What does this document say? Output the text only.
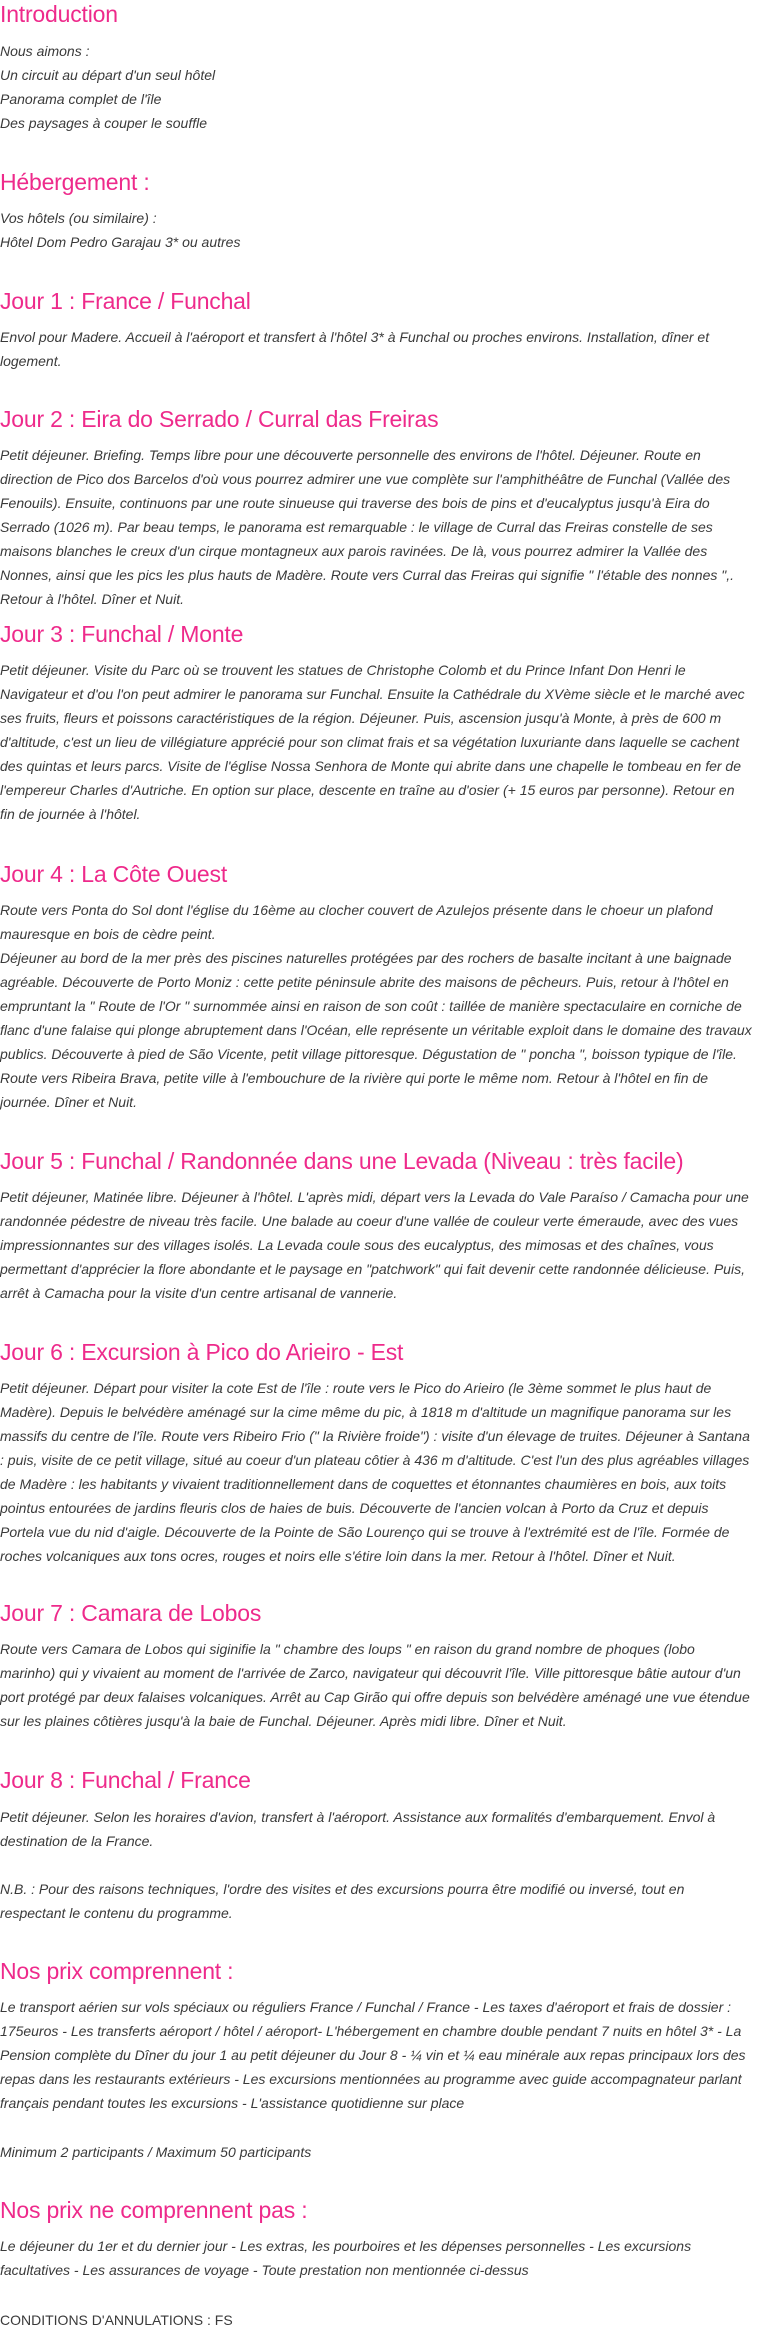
Introduction

Nous aimons :
Un circuit au départ d'un seul hôtel
Panorama complet de l'île
Des paysages à couper le souffle

Hébergement :

Vos hôtels (ou similaire) :
Hôtel Dom Pedro Garajau 3* ou autres

Jour 1 : France / Funchal

Envol pour Madere. Accueil à l'aéroport et transfert à l'hôtel 3* à Funchal ou proches environs. Installation, dîner et logement.

Jour 2 : Eira do Serrado / Curral das Freiras

Petit déjeuner. Briefing. Temps libre pour une découverte personnelle des environs de l'hôtel. Déjeuner. Route en direction de Pico dos Barcelos d'où vous pourrez admirer une vue complète sur l'amphithéâtre de Funchal (Vallée des Fenouils). Ensuite, continuons par une route sinueuse qui traverse des bois de pins et d'eucalyptus jusqu'à Eira do Serrado (1026 m). Par beau temps, le panorama est remarquable : le village de Curral das Freiras constelle de ses maisons blanches le creux d'un cirque montagneux aux parois ravinées. De là, vous pourrez admirer la Vallée des Nonnes, ainsi que les pics les plus hauts de Madère. Route vers Curral das Freiras qui signifie " l'étable des nonnes ",. Retour à l'hôtel. Dîner et Nuit.

Jour 3 : Funchal / Monte

Petit déjeuner. Visite du Parc où se trouvent les statues de Christophe Colomb et du Prince Infant Don Henri le Navigateur et d'ou l'on peut admirer le panorama sur Funchal. Ensuite la Cathédrale du XVème siècle et le marché avec ses fruits, fleurs et poissons caractéristiques de la région. Déjeuner. Puis, ascension jusqu'à Monte, à près de 600 m d'altitude, c'est un lieu de villégiature apprécié pour son climat frais et sa végétation luxuriante dans laquelle se cachent des quintas et leurs parcs. Visite de l'église Nossa Senhora de Monte qui abrite dans une chapelle le tombeau en fer de l'empereur Charles d'Autriche. En option sur place, descente en traîne au d'osier (+ 15 euros par personne). Retour en fin de journée à l'hôtel.

Jour 4 : La Côte Ouest

Route vers Ponta do Sol dont l'église du 16ème au clocher couvert de Azulejos présente dans le choeur un plafond mauresque en bois de cèdre peint.

Déjeuner au bord de la mer près des piscines naturelles protégées par des rochers de basalte incitant à une baignade agréable. Découverte de Porto Moniz : cette petite péninsule abrite des maisons de pêcheurs. Puis, retour à l'hôtel en empruntant la " Route de l'Or " surnommée ainsi en raison de son coût : taillée de manière spectaculaire en corniche de flanc d'une falaise qui plonge abruptement dans l'Océan, elle représente un véritable exploit dans le domaine des travaux publics. Découverte à pied de São Vicente, petit village pittoresque. Dégustation de " poncha ", boisson typique de l'île. Route vers Ribeira Brava, petite ville à l'embouchure de la rivière qui porte le même nom. Retour à l'hôtel en fin de journée. Dîner et Nuit.

Jour 5 : Funchal / Randonnée dans une Levada (Niveau : très facile)

Petit déjeuner, Matinée libre. Déjeuner à l'hôtel. L'après midi, départ vers la Levada do Vale Paraíso / Camacha pour une randonnée pédestre de niveau très facile. Une balade au coeur d'une vallée de couleur verte émeraude, avec des vues impressionnantes sur des villages isolés. La Levada coule sous des eucalyptus, des mimosas et des chaînes, vous permettant d'apprécier la flore abondante et le paysage en "patchwork" qui fait devenir cette randonnée délicieuse. Puis, arrêt à Camacha pour la visite d'un centre artisanal de vannerie.

Jour 6 : Excursion à Pico do Arieiro - Est

Petit déjeuner. Départ pour visiter la cote Est de l'île : route vers le Pico do Arieiro (le 3ème sommet le plus haut de Madère). Depuis le belvédère aménagé sur la cime même du pic, à 1818 m d'altitude un magnifique panorama sur les massifs du centre de l'île. Route vers Ribeiro Frio (" la Rivière froide") : visite d'un élevage de truites. Déjeuner à Santana : puis, visite de ce petit village, situé au coeur d'un plateau côtier à 436 m d'altitude. C'est l'un des plus agréables villages de Madère : les habitants y vivaient traditionnellement dans de coquettes et étonnantes chaumières en bois, aux toits pointus entourées de jardins fleuris clos de haies de buis. Découverte de l'ancien volcan à Porto da Cruz et depuis Portela vue du nid d'aigle. Découverte de la Pointe de São Lourenço qui se trouve à l'extrémité est de l'île. Formée de roches volcaniques aux tons ocres, rouges et noirs elle s'étire loin dans la mer. Retour à l'hôtel. Dîner et Nuit.

Jour 7 : Camara de Lobos

Route vers Camara de Lobos qui siginifie la " chambre des loups " en raison du grand nombre de phoques (lobo marinho) qui y vivaient au moment de l'arrivée de Zarco, navigateur qui découvrit l'île. Ville pittoresque bâtie autour d'un port protégé par deux falaises volcaniques. Arrêt au Cap Girão qui offre depuis son belvédère aménagé une vue étendue sur les plaines côtières jusqu'à la baie de Funchal. Déjeuner. Après midi libre. Dîner et Nuit.

Jour 8 : Funchal / France

Petit déjeuner. Selon les horaires d'avion, transfert à l'aéroport. Assistance aux formalités d'embarquement. Envol à destination de la France.

N.B. : Pour des raisons techniques, l'ordre des visites et des excursions pourra être modifié ou inversé, tout en respectant le contenu du programme.

Nos prix comprennent :

Le transport aérien sur vols spéciaux ou réguliers France / Funchal / France - Les taxes d'aéroport et frais de dossier : 175euros - Les transferts aéroport / hôtel / aéroport- L'hébergement en chambre double pendant 7 nuits en hôtel 3* - La Pension complète du Dîner du jour 1 au petit déjeuner du Jour 8 - ¼ vin et ¼ eau minérale aux repas principaux lors des repas dans les restaurants extérieurs - Les excursions mentionnées au programme avec guide accompagnateur parlant français pendant toutes les excursions - L'assistance quotidienne sur place

Minimum 2 participants / Maximum 50 participants

Nos prix ne comprennent pas :

Le déjeuner du 1er et du dernier jour - Les extras, les pourboires et les dépenses personnelles - Les excursions facultatives - Les assurances de voyage - Toute prestation non mentionnée ci-dessus

CONDITIONS D'ANNULATIONS : FS
